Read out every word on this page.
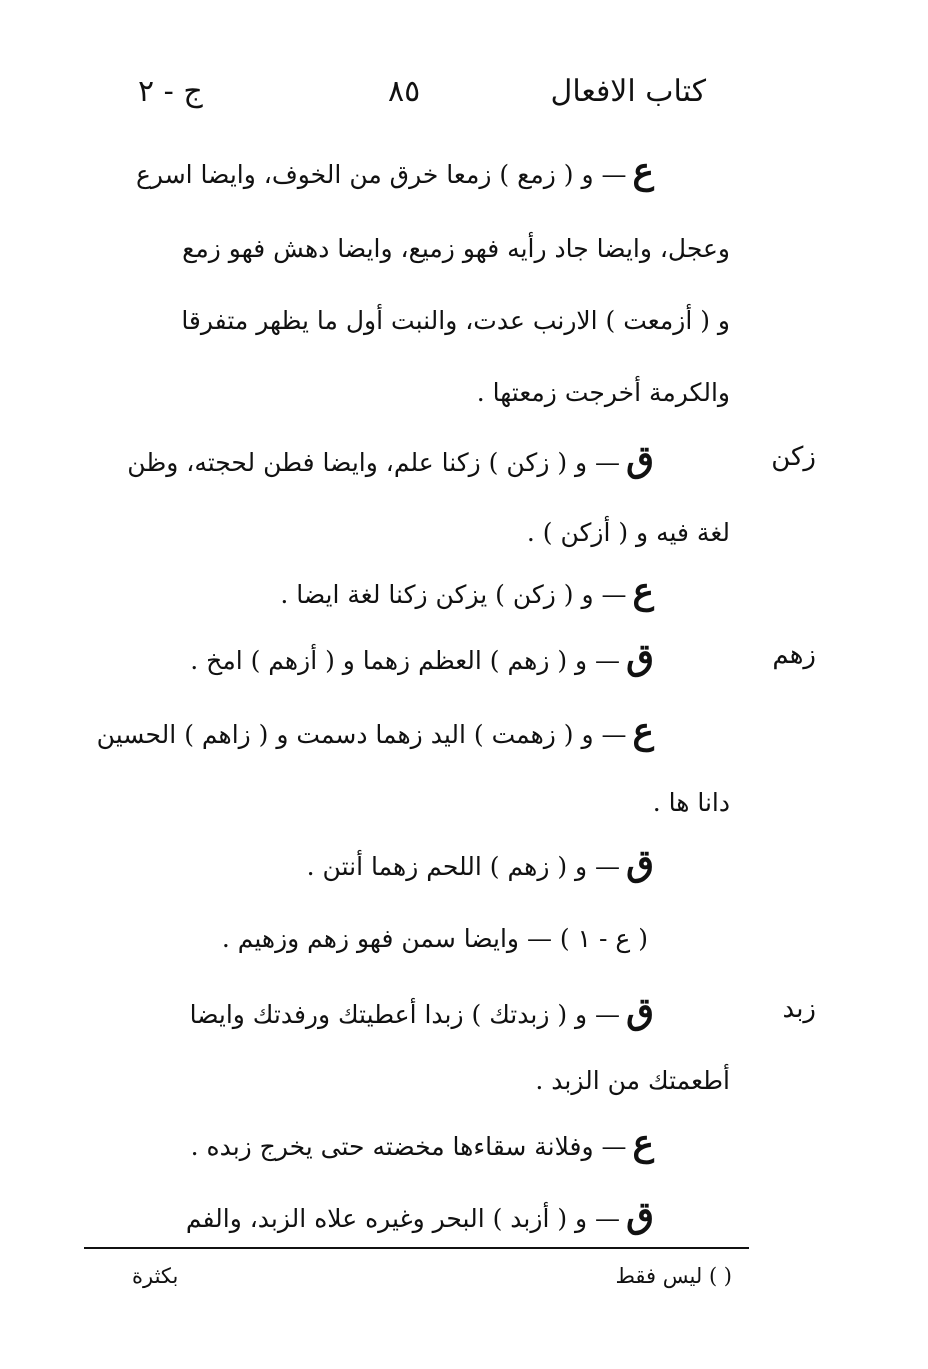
كتاب الافعال
٨٥
ج - ٢
ع— و ( زمع ) زمعا خرق من الخوف، وايضا اسرع
وعجل، وايضا جاد رأيه فهو زميع، وايضا دهش فهو زمع
و ( أزمعت ) الارنب عدت، والنبت أول ما يظهر متفرقا
والكرمة أخرجت زمعتها .
ق— و ( زكن ) زكنا علم، وايضا فطن لحجته، وظن
لغة فيه و ( أزكن ) .
ع— و ( زكن ) يزكن زكنا لغة ايضا .
ق— و ( زهم ) العظم زهما و ( أزهم ) امخ .
ع— و ( زهمت ) اليد زهما دسمت و ( زاهم ) الحسين
دانا ها .
ق— و ( زهم ) اللحم زهما أنتن .
( ع - ١ ) — وايضا سمن فهو زهم وزهيم .
ق— و ( زبدتك ) زبدا أعطيتك ورفدتك وايضا
أطعمتك من الزبد .
ع— وفلانة سقاءها مخضته حتى يخرج زبده .
ق— و ( أزبد ) البحر وغيره علاه الزبد، والفم
زكن
زهم
زبد
( ) ليس فقط
بكثرة
